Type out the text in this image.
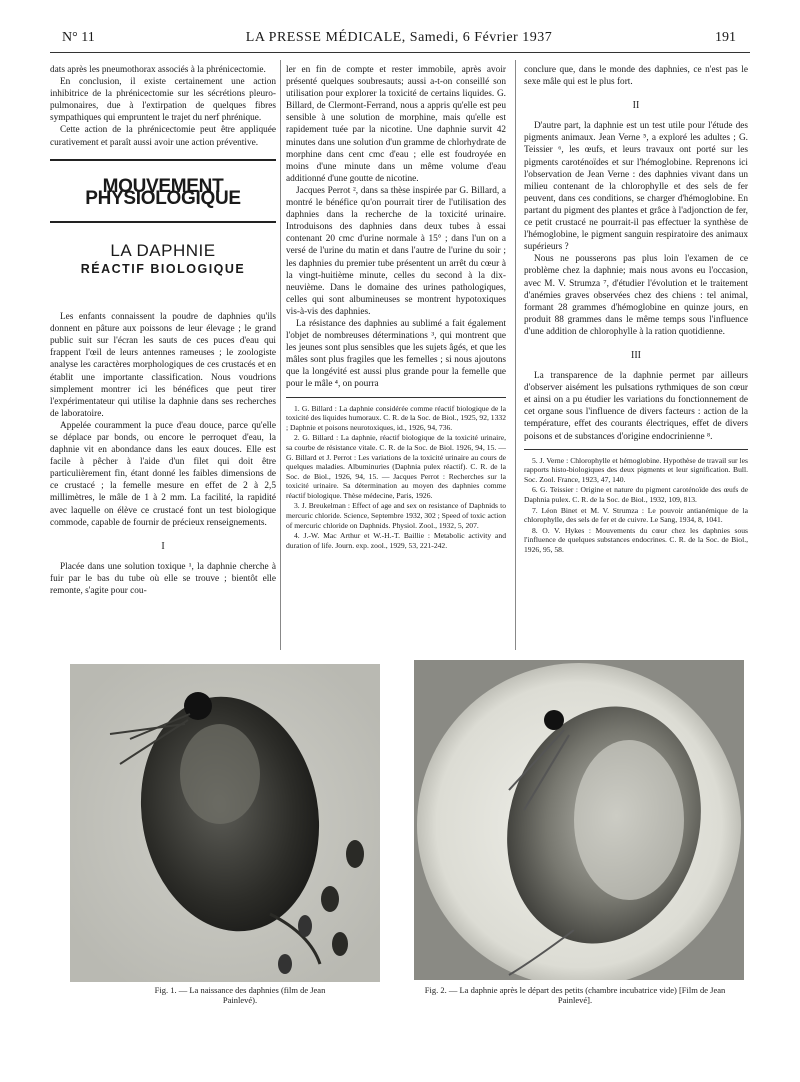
N° 11	LA PRESSE MÉDICALE, Samedi, 6 Février 1937	191

dats après les pneumothorax associés à la phrénicectomie.

En conclusion, il existe certainement une action inhibitrice de la phrénicectomie sur les sécrétions pleuro-pulmonaires, due à l'extirpation de quelques fibres sympathiques qui empruntent le trajet du nerf phrénique.

Cette action de la phrénicectomie peut être appliquée curativement et paraît aussi avoir une action préventive.

MOUVEMENT PHYSIOLOGIQUE
LA DAPHNIE
RÉACTIF BIOLOGIQUE

Les enfants connaissent la poudre de daphnies qu'ils donnent en pâture aux poissons de leur élevage ; le grand public suit sur l'écran les sauts de ces puces d'eau qui frappent l'œil de leurs antennes rameuses ; le zoologiste analyse les caractères morphologiques de ces crustacés et en établit une importante classification. Nous voudrions simplement montrer ici les bénéfices que peut tirer l'expérimentateur qui utilise la daphnie dans ses recherches de laboratoire.

Appelée couramment la puce d'eau douce, parce qu'elle se déplace par bonds, ou encore le perroquet d'eau, la daphnie vit en abondance dans les eaux douces. Elle est facile à pêcher à l'aide d'un filet qui doit être particulièrement fin, étant donné les faibles dimensions de ce crustacé ; la femelle mesure en effet de 2 à 2,5 millimètres, le mâle de 1 à 2 mm. La facilité, la rapidité avec laquelle on élève ce crustacé font un test biologique commode, capable de fournir de précieux renseignements.

I

Placée dans une solution toxique ¹, la daphnie cherche à fuir par le bas du tube où elle se trouve ; bientôt elle remonte, s'agite pour cou-

ler en fin de compte et rester immobile, après avoir présenté quelques soubresauts; aussi a-t-on conseillé son utilisation pour explorer la toxicité de certains liquides. G. Billard, de Clermont-Ferrand, nous a appris qu'elle est peu sensible à une solution de morphine, mais qu'elle est rapidement tuée par la nicotine. Une daphnie survit 42 minutes dans une solution d'un gramme de chlorhydrate de morphine dans cent cmc d'eau ; elle est foudroyée en moins d'une minute dans un même volume d'eau additionné d'une goutte de nicotine.

Jacques Perrot ², dans sa thèse inspirée par G. Billard, a montré le bénéfice qu'on pourrait tirer de l'utilisation des daphnies dans la recherche de la toxicité urinaire. Introduisons des daphnies dans deux tubes à essai contenant 20 cmc d'urine normale à 15° ; dans l'un on a versé de l'urine du matin et dans l'autre de l'urine du soir ; les daphnies du premier tube présentent un arrêt du cœur à la vingt-huitième minute, celles du second à la dix-neuvième. Dans le domaine des urines pathologiques, celles qui sont albumineuses se montrent hypotoxiques vis-à-vis des daphnies.

La résistance des daphnies au sublimé a fait également l'objet de nombreuses déterminations ³, qui montrent que les jeunes sont plus sensibles que les sujets âgés, et que les mâles sont plus fragiles que les femelles ; si nous ajoutons que la longévité est aussi plus grande pour la femelle que pour le mâle ⁴, on pourra

1. G. Billard : La daphnie considérée comme réactif biologique de la toxicité des liquides humoraux. C. R. de la Soc. de Biol., 1925, 92, 1332 ; Daphnie et poisons neurotoxiques, id., 1926, 94, 736.

2. G. Billard : La daphnie, réactif biologique de la toxicité urinaire, sa courbe de résistance vitale. C. R. de la Soc. de Biol. 1926, 94, 15. — G. Billard et J. Perrot : Les variations de la toxicité urinaire au cours de quelques maladies. Albuminuries (Daphnia pulex réactif). C. R. de la Soc. de Biol., 1926, 94, 15. — Jacques Perrot : Recherches sur la toxicité urinaire. Sa détermination au moyen des daphnies comme réactif biologique. Thèse médecine, Paris, 1926.

3. J. Breukelman : Effect of age and sex on resistance of Daphnids to mercuric chloride. Science, Septembre 1932, 302 ; Speed of toxic action of mercuric chloride on Daphnids. Physiol. Zool., 1932, 5, 207.

4. J.-W. Mac Arthur et W.-H.-T. Baillie : Metabolic activity and duration of life. Journ. exp. zool., 1929, 53, 221-242.

conclure que, dans le monde des daphnies, ce n'est pas le sexe mâle qui est le plus fort.

II

D'autre part, la daphnie est un test utile pour l'étude des pigments animaux. Jean Verne ⁵, a exploré les adultes ; G. Teissier ⁶, les œufs, et leurs travaux ont porté sur les pigments caroténoïdes et sur l'hémoglobine. Reprenons ici l'observation de Jean Verne : des daphnies vivant dans un milieu contenant de la chlorophylle et des sels de fer peuvent, dans ces conditions, se charger d'hémoglobine. En partant du pigment des plantes et grâce à l'adjonction de fer, ce petit crustacé ne pourrait-il pas effectuer la synthèse de l'hémoglobine, le pigment sanguin respiratoire des animaux supérieurs ?

Nous ne pousserons pas plus loin l'examen de ce problème chez la daphnie; mais nous avons eu l'occasion, avec M. V. Strumza ⁷, d'étudier l'évolution et le traitement d'anémies graves observées chez des chiens : tel animal, formant 28 grammes d'hémoglobine en quinze jours, en produit 88 grammes dans le même temps sous l'influence d'une addition de chlorophylle à la ration quotidienne.

III

La transparence de la daphnie permet par ailleurs d'observer aisément les pulsations rythmiques de son cœur et ainsi on a pu étudier les variations du fonctionnement de cet organe sous l'influence de divers facteurs : action de la température, effet des courants électriques, effet de divers poisons et de substances d'origine endocrinienne ⁸.

5. J. Verne : Chlorophylle et hémoglobine. Hypothèse de travail sur les rapports histo-biologiques des deux pigments et leur signification. Bull. Soc. Zool. France, 1923, 47, 140.

6. G. Teissier : Origine et nature du pigment caroténoïde des œufs de Daphnia pulex. C. R. de la Soc. de Biol., 1932, 109, 813.

7. Léon Binet et M. V. Strumza : Le pouvoir antianémique de la chlorophylle, des sels de fer et de cuivre. Le Sang, 1934, 8, 1041.

8. O. V. Hykes : Mouvements du cœur chez les daphnies sous l'influence de quelques substances endocrines. C. R. de la Soc. de Biol., 1926, 95, 58.

Fig. 1. — La naissance des daphnies (film de Jean Painlevé).
Fig. 2. — La daphnie après le départ des petits (chambre incubatrice vide) [Film de Jean Painlevé].
